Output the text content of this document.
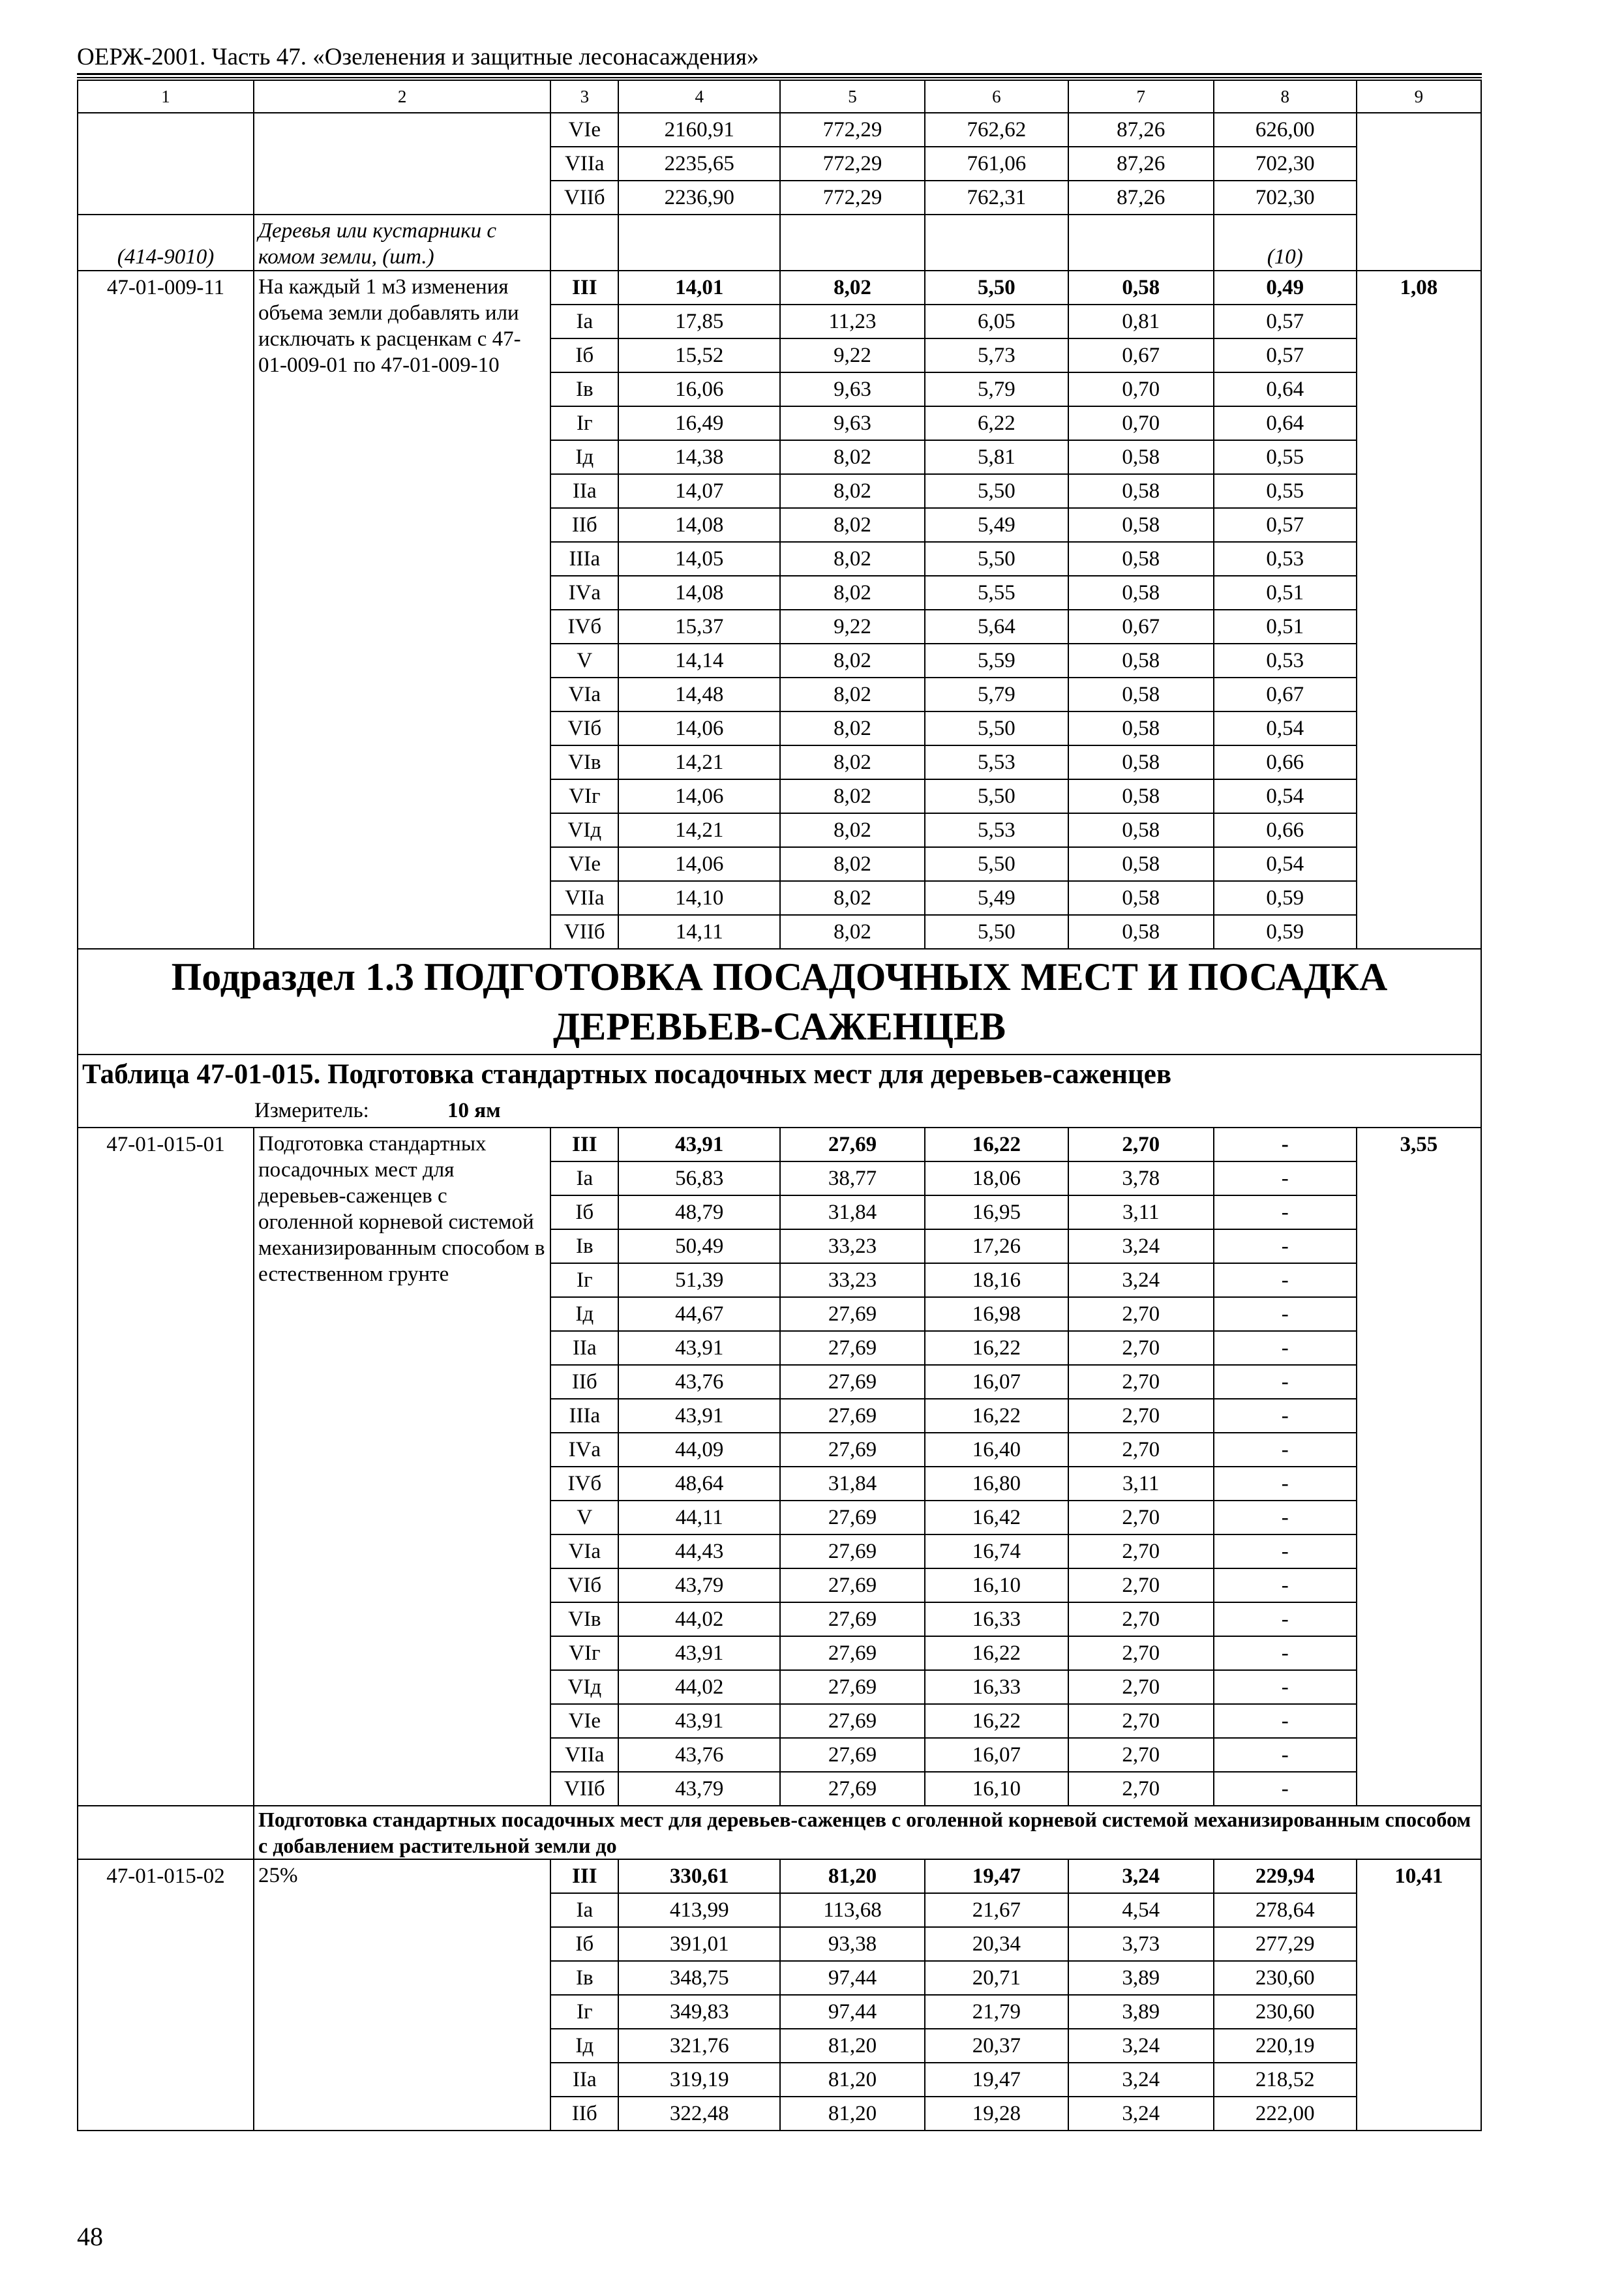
ОЕРЖ-2001. Часть 47. «Озеленения и защитные лесонасаждения»
1	2	3	4	5	6	7	8	9
		VIе	2160,91	772,29	762,62	87,26	626,00	
		VIIа	2235,65	772,29	761,06	87,26	702,30	
		VIIб	2236,90	772,29	762,31	87,26	702,30	
(414-9010)	Деревья или кустарники с комом земли, (шт.)						(10)	
47-01-009-11	На каждый 1 м3 изменения объема земли добавлять или исключать к расценкам с 47-01-009-01 по 47-01-009-10	III	14,01	8,02	5,50	0,58	0,49	1,08
		Iа	17,85	11,23	6,05	0,81	0,57	
		Iб	15,52	9,22	5,73	0,67	0,57	
		Iв	16,06	9,63	5,79	0,70	0,64	
		Iг	16,49	9,63	6,22	0,70	0,64	
		Iд	14,38	8,02	5,81	0,58	0,55	
		IIа	14,07	8,02	5,50	0,58	0,55	
		IIб	14,08	8,02	5,49	0,58	0,57	
		IIIа	14,05	8,02	5,50	0,58	0,53	
		IVа	14,08	8,02	5,55	0,58	0,51	
		IVб	15,37	9,22	5,64	0,67	0,51	
		V	14,14	8,02	5,59	0,58	0,53	
		VIа	14,48	8,02	5,79	0,58	0,67	
		VIб	14,06	8,02	5,50	0,58	0,54	
		VIв	14,21	8,02	5,53	0,58	0,66	
		VIг	14,06	8,02	5,50	0,58	0,54	
		VIд	14,21	8,02	5,53	0,58	0,66	
		VIе	14,06	8,02	5,50	0,58	0,54	
		VIIа	14,10	8,02	5,49	0,58	0,59	
		VIIб	14,11	8,02	5,50	0,58	0,59	
Подраздел 1.3 ПОДГОТОВКА ПОСАДОЧНЫХ МЕСТ И ПОСАДКА ДЕРЕВЬЕВ-САЖЕНЦЕВ								
Таблица 47-01-015. Подготовка стандартных посадочных мест для деревьев-саженцев								
Измеритель: 10 ям								
47-01-015-01	Подготовка стандартных посадочных мест для деревьев-саженцев с оголенной корневой системой механизированным способом в естественном грунте	III	43,91	27,69	16,22	2,70	-	3,55
		Iа	56,83	38,77	18,06	3,78	-	
		Iб	48,79	31,84	16,95	3,11	-	
		Iв	50,49	33,23	17,26	3,24	-	
		Iг	51,39	33,23	18,16	3,24	-	
		Iд	44,67	27,69	16,98	2,70	-	
		IIа	43,91	27,69	16,22	2,70	-	
		IIб	43,76	27,69	16,07	2,70	-	
		IIIа	43,91	27,69	16,22	2,70	-	
		IVа	44,09	27,69	16,40	2,70	-	
		IVб	48,64	31,84	16,80	3,11	-	
		V	44,11	27,69	16,42	2,70	-	
		VIа	44,43	27,69	16,74	2,70	-	
		VIб	43,79	27,69	16,10	2,70	-	
		VIв	44,02	27,69	16,33	2,70	-	
		VIг	43,91	27,69	16,22	2,70	-	
		VIд	44,02	27,69	16,33	2,70	-	
		VIе	43,91	27,69	16,22	2,70	-	
		VIIа	43,76	27,69	16,07	2,70	-	
		VIIб	43,79	27,69	16,10	2,70	-	
	Подготовка стандартных посадочных мест для деревьев-саженцев с оголенной корневой системой механизированным способом с добавлением растительной земли до							
47-01-015-02	25%	III	330,61	81,20	19,47	3,24	229,94	10,41
		Iа	413,99	113,68	21,67	4,54	278,64	
		Iб	391,01	93,38	20,34	3,73	277,29	
		Iв	348,75	97,44	20,71	3,89	230,60	
		Iг	349,83	97,44	21,79	3,89	230,60	
		Iд	321,76	81,20	20,37	3,24	220,19	
		IIа	319,19	81,20	19,47	3,24	218,52	
		IIб	322,48	81,20	19,28	3,24	222,00	
48
